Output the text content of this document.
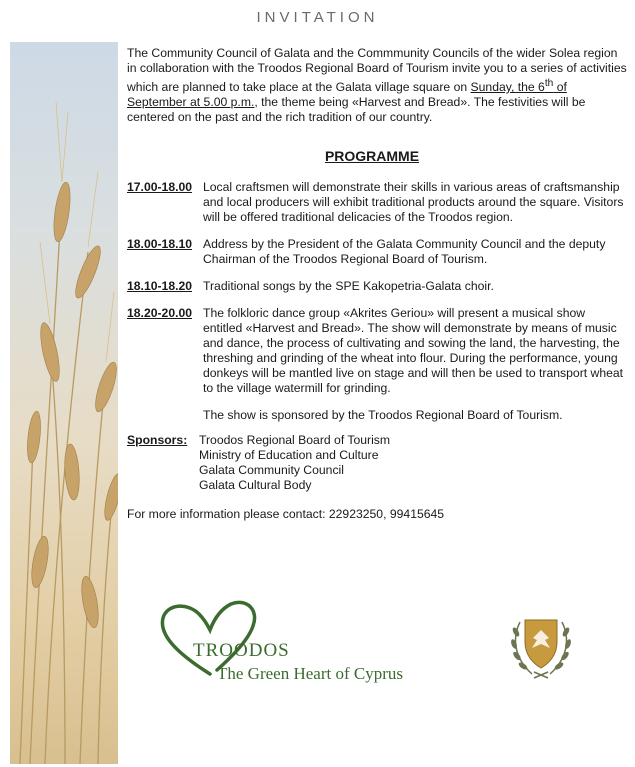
INVITATION

The Community Council of Galata and the Commmunity Councils of the wider Solea region in collaboration with the Troodos Regional Board of Tourism invite you to a series of activities which are planned to take place at the Galata village square on Sunday, the 6th of September at 5.00 p.m., the theme being «Harvest and Bread». The festivities will be centered on the past and the rich tradition of our country.

PROGRAMME
17.00-18.00 Local craftsmen will demonstrate their skills in various areas of craftsmanship and local producers will exhibit traditional products around the square. Visitors will be offered traditional delicacies of the Troodos region.
18.00-18.10 Address by the President of the Galata Community Council and the deputy Chairman of the Troodos Regional Board of Tourism.
18.10-18.20 Traditional songs by the SPE Kakopetria-Galata choir.
18.20-20.00 The folkloric dance group «Akrites Geriou» will present a musical show entitled «Harvest and Bread». The show will demonstrate by means of music and dance, the process of cultivating and sowing the land, the harvesting, the threshing and grinding of the wheat into flour. During the performance, young donkeys will be mantled live on stage and will then be used to transport wheat to the village watermill for grinding.
The show is sponsored by the Troodos Regional Board of Tourism.
Sponsors: Troodos Regional Board of Tourism
Ministry of Education and Culture
Galata Community Council
Galata Cultural Body
For more information please contact: 22923250, 99415645
TROODOS
The Green Heart of Cyprus
